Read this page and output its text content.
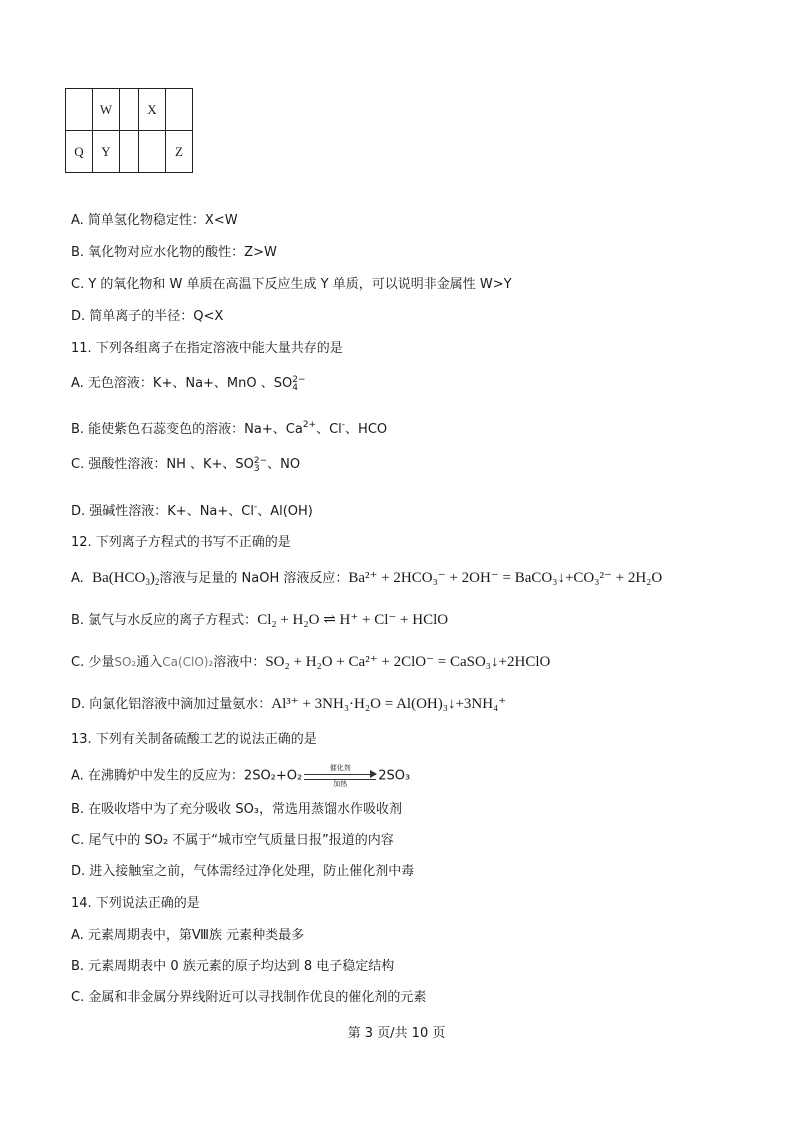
	W		X	
Q	Y			Z
A. 简单氢化物稳定性：X<W
B. 氧化物对应水化物的酸性：Z>W
C. Y 的氧化物和 W 单质在高温下反应生成 Y 单质，可以说明非金属性 W>Y
D. 简单离子的半径：Q<X
11. 下列各组离子在指定溶液中能大量共存的是
A. 无色溶液：K+、Na+、MnO 、SO2−
4
B. 能使紫色石蕊变色的溶液：Na+、$Ca^{2+}$、Cl-、HCO
C. 强酸性溶液：NH 、K+、SO2−
3 、NO
D. 强碱性溶液：K+、Na+、Cl-、Al(OH)
12. 下列离子方程式的书写不正确的是
A. $Ba(HCO_3)_2$溶液与足量的 NaOH 溶液反应：Ba²⁺ + 2HCO₃⁻ + 2OH⁻ = BaCO₃↓+CO₃²⁻ + 2H₂O
B. 氯气与水反应的离子方程式：Cl₂ + H₂O ⇌ H⁺ + Cl⁻ + HClO
C. 少量SO₂通入Ca(ClO)₂溶液中：SO₂ + H₂O + Ca²⁺ + 2ClO⁻ = CaSO₃↓+2HClO
D. 向氯化铝溶液中滴加过量氨水：Al³⁺ + 3NH₃·H₂O = Al(OH)₃↓+3NH₄⁺
13. 下列有关制备硫酸工艺的说法正确的是
A. 在沸腾炉中发生的反应为：2SO₂+O₂
催化剂
加热
2SO₃
B. 在吸收塔中为了充分吸收 SO₃，常选用蒸馏水作吸收剂
C. 尾气中的 SO₂ 不属于“城市空气质量日报”报道的内容
D. 进入接触室之前，气体需经过净化处理，防止催化剂中毒
14. 下列说法正确的是
A. 元素周期表中，第Ⅷ族 元素种类最多
B. 元素周期表中 0 族元素的原子均达到 8 电子稳定结构
C. 金属和非金属分界线附近可以寻找制作优良的催化剂的元素
第 3 页/共 10 页
